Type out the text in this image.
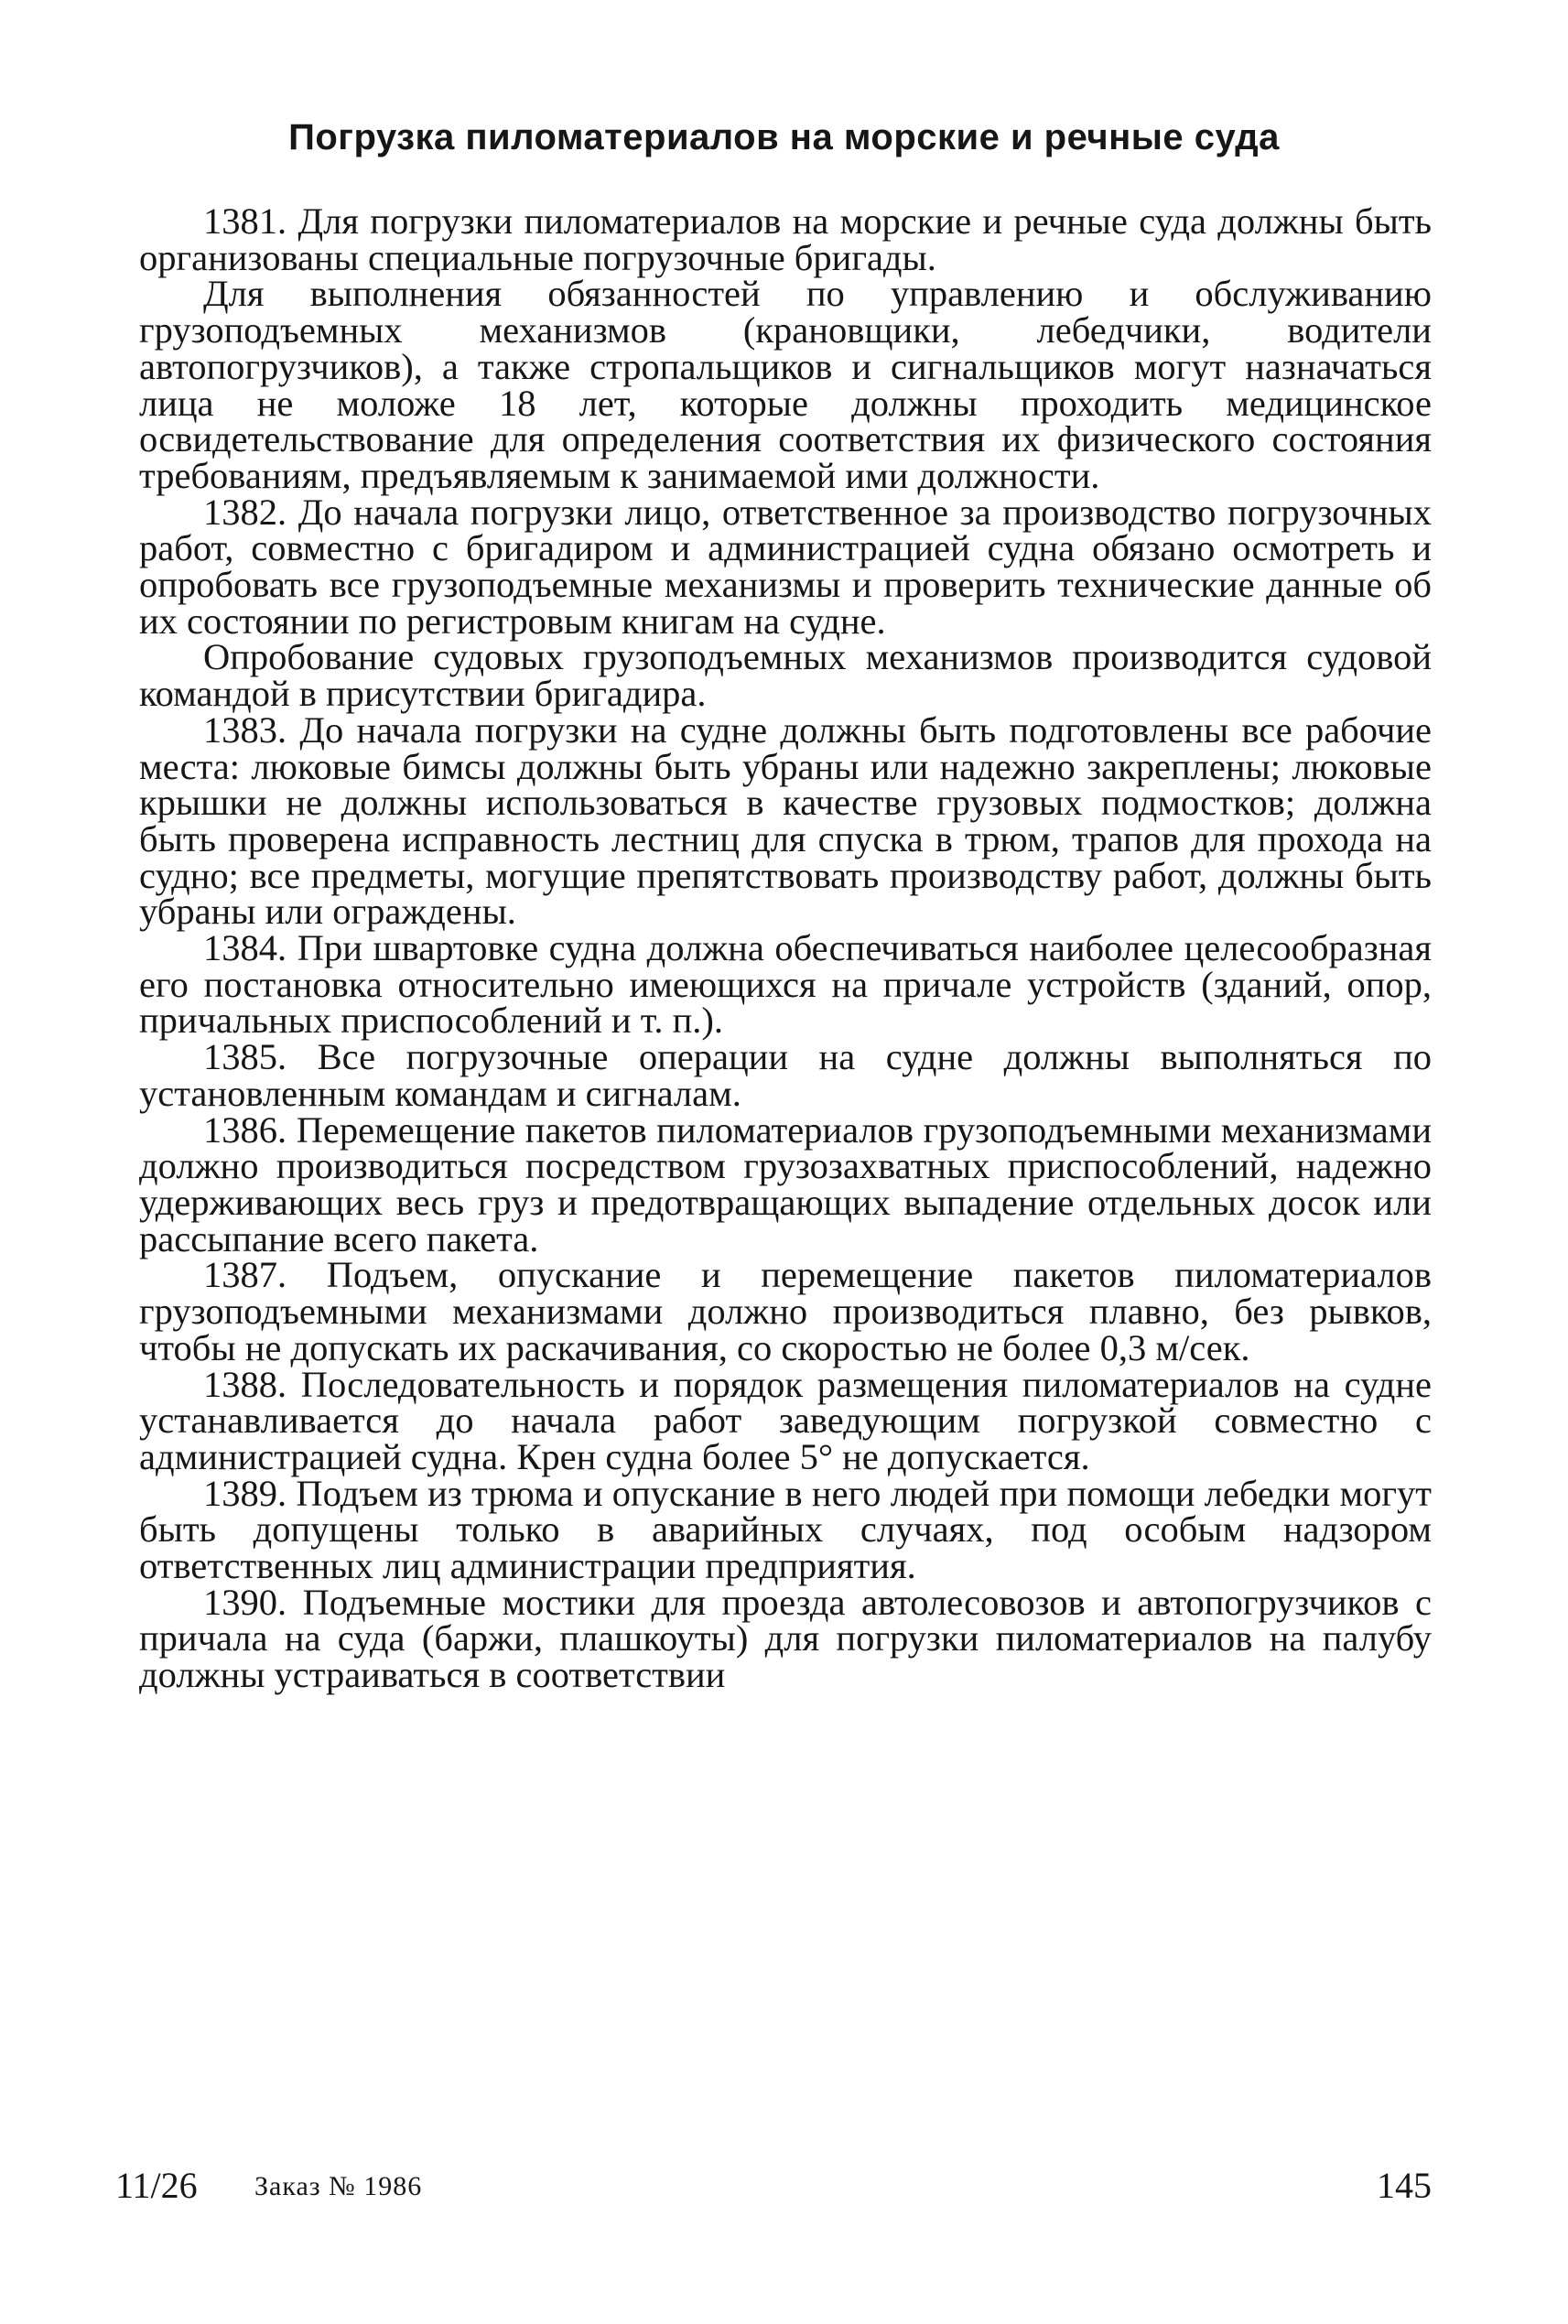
Погрузка пиломатериалов на морские и речные суда

1381. Для погрузки пиломатериалов на морские и речные суда должны быть организованы специальные погрузочные бригады.

Для выполнения обязанностей по управлению и обслуживанию грузоподъемных механизмов (крановщики, лебедчики, водители автопогрузчиков), а также стропальщиков и сигнальщиков могут назначаться лица не моложе 18 лет, которые должны проходить медицинское освидетельствование для определения соответствия их физического состояния требованиям, предъявляемым к занимаемой ими должности.

1382. До начала погрузки лицо, ответственное за производство погрузочных работ, совместно с бригадиром и администрацией судна обязано осмотреть и опробовать все грузоподъемные механизмы и проверить технические данные об их состоянии по регистровым книгам на судне.

Опробование судовых грузоподъемных механизмов производится судовой командой в присутствии бригадира.

1383. До начала погрузки на судне должны быть подготовлены все рабочие места: люковые бимсы должны быть убраны или надежно закреплены; люковые крышки не должны использоваться в качестве грузовых подмостков; должна быть проверена исправность лестниц для спуска в трюм, трапов для прохода на судно; все предметы, могущие препятствовать производству работ, должны быть убраны или ограждены.

1384. При швартовке судна должна обеспечиваться наиболее целесообразная его постановка относительно имеющихся на причале устройств (зданий, опор, причальных приспособлений и т. п.).

1385. Все погрузочные операции на судне должны выполняться по установленным командам и сигналам.

1386. Перемещение пакетов пиломатериалов грузоподъемными механизмами должно производиться посредством грузозахватных приспособлений, надежно удерживающих весь груз и предотвращающих выпадение отдельных досок или рассыпание всего пакета.

1387. Подъем, опускание и перемещение пакетов пиломатериалов грузоподъемными механизмами должно производиться плавно, без рывков, чтобы не допускать их раскачивания, со скоростью не более 0,3 м/сек.

1388. Последовательность и порядок размещения пиломатериалов на судне устанавливается до начала работ заведующим погрузкой совместно с администрацией судна. Крен судна более 5° не допускается.

1389. Подъем из трюма и опускание в него людей при помощи лебедки могут быть допущены только в аварийных случаях, под особым надзором ответственных лиц администрации предприятия.

1390. Подъемные мостики для проезда автолесовозов и автопогрузчиков с причала на суда (баржи, плашкоуты) для погрузки пиломатериалов на палубу должны устраиваться в соответствии

11/26 Заказ № 1986	145
